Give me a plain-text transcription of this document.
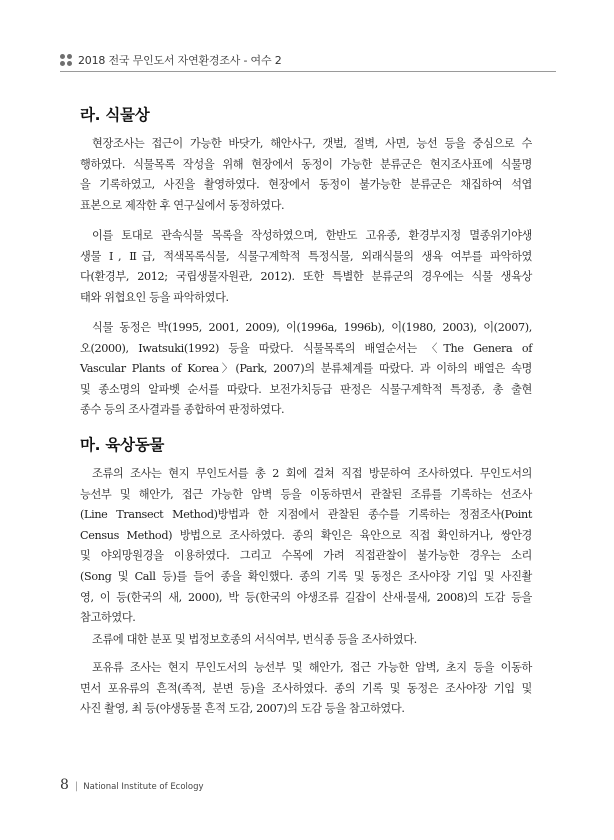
2018 전국 무인도서 자연환경조사 - 여수 2
라. 식물상
현장조사는 접근이 가능한 바닷가, 해안사구, 갯벌, 절벽, 사면, 능선 등을 중심으로 수
행하였다. 식물목록 작성을 위해 현장에서 동정이 가능한 분류군은 현지조사표에 식물명
을 기록하였고, 사진을 촬영하였다. 현장에서 동정이 불가능한 분류군은 채집하여 석엽
표본으로 제작한 후 연구실에서 동정하였다.
이를 토대로 관속식물 목록을 작성하였으며, 한반도 고유종, 환경부지정 멸종위기야생
생물 Ⅰ, Ⅱ급, 적색목록식물, 식물구계학적 특정식물, 외래식물의 생육 여부를 파악하였
다(환경부, 2012; 국립생물자원관, 2012). 또한 특별한 분류군의 경우에는 식물 생육상
태와 위협요인 등을 파악하였다.
식물 동정은 박(1995, 2001, 2009), 이(1996a, 1996b), 이(1980, 2003), 이(2007),
오(2000), Iwatsuki(1992) 등을 따랐다. 식물목록의 배열순서는 〈The Genera of
Vascular Plants of Korea〉(Park, 2007)의 분류체계를 따랐다. 과 이하의 배열은 속명
및 종소명의 알파벳 순서를 따랐다. 보전가치등급 판정은 식물구계학적 특정종, 총 출현
종수 등의 조사결과를 종합하여 판정하였다.
마. 육상동물
조류의 조사는 현지 무인도서를 총 2 회에 걸쳐 직접 방문하여 조사하였다. 무인도서의
능선부 및 해안가, 접근 가능한 암벽 등을 이동하면서 관찰된 조류를 기록하는 선조사
(Line Transect Method)방법과 한 지점에서 관찰된 종수를 기록하는 정점조사(Point
Census Method) 방법으로 조사하였다. 종의 확인은 육안으로 직접 확인하거나, 쌍안경
및 야외망원경을 이용하였다. 그리고 수목에 가려 직접관찰이 불가능한 경우는 소리
(Song 및 Call 등)를 들어 종을 확인했다. 종의 기록 및 동정은 조사야장 기입 및 사진촬
영, 이 등(한국의 새, 2000), 박 등(한국의 야생조류 길잡이 산새·물새, 2008)의 도감 등을
참고하였다.
조류에 대한 분포 및 법정보호종의 서식여부, 번식종 등을 조사하였다.
포유류 조사는 현지 무인도서의 능선부 및 해안가, 접근 가능한 암벽, 초지 등을 이동하
면서 포유류의 흔적(족적, 분변 등)을 조사하였다. 종의 기록 및 동정은 조사야장 기입 및
사진 촬영, 최 등(야생동물 흔적 도감, 2007)의 도감 등을 참고하였다.
8 | National Institute of Ecology
